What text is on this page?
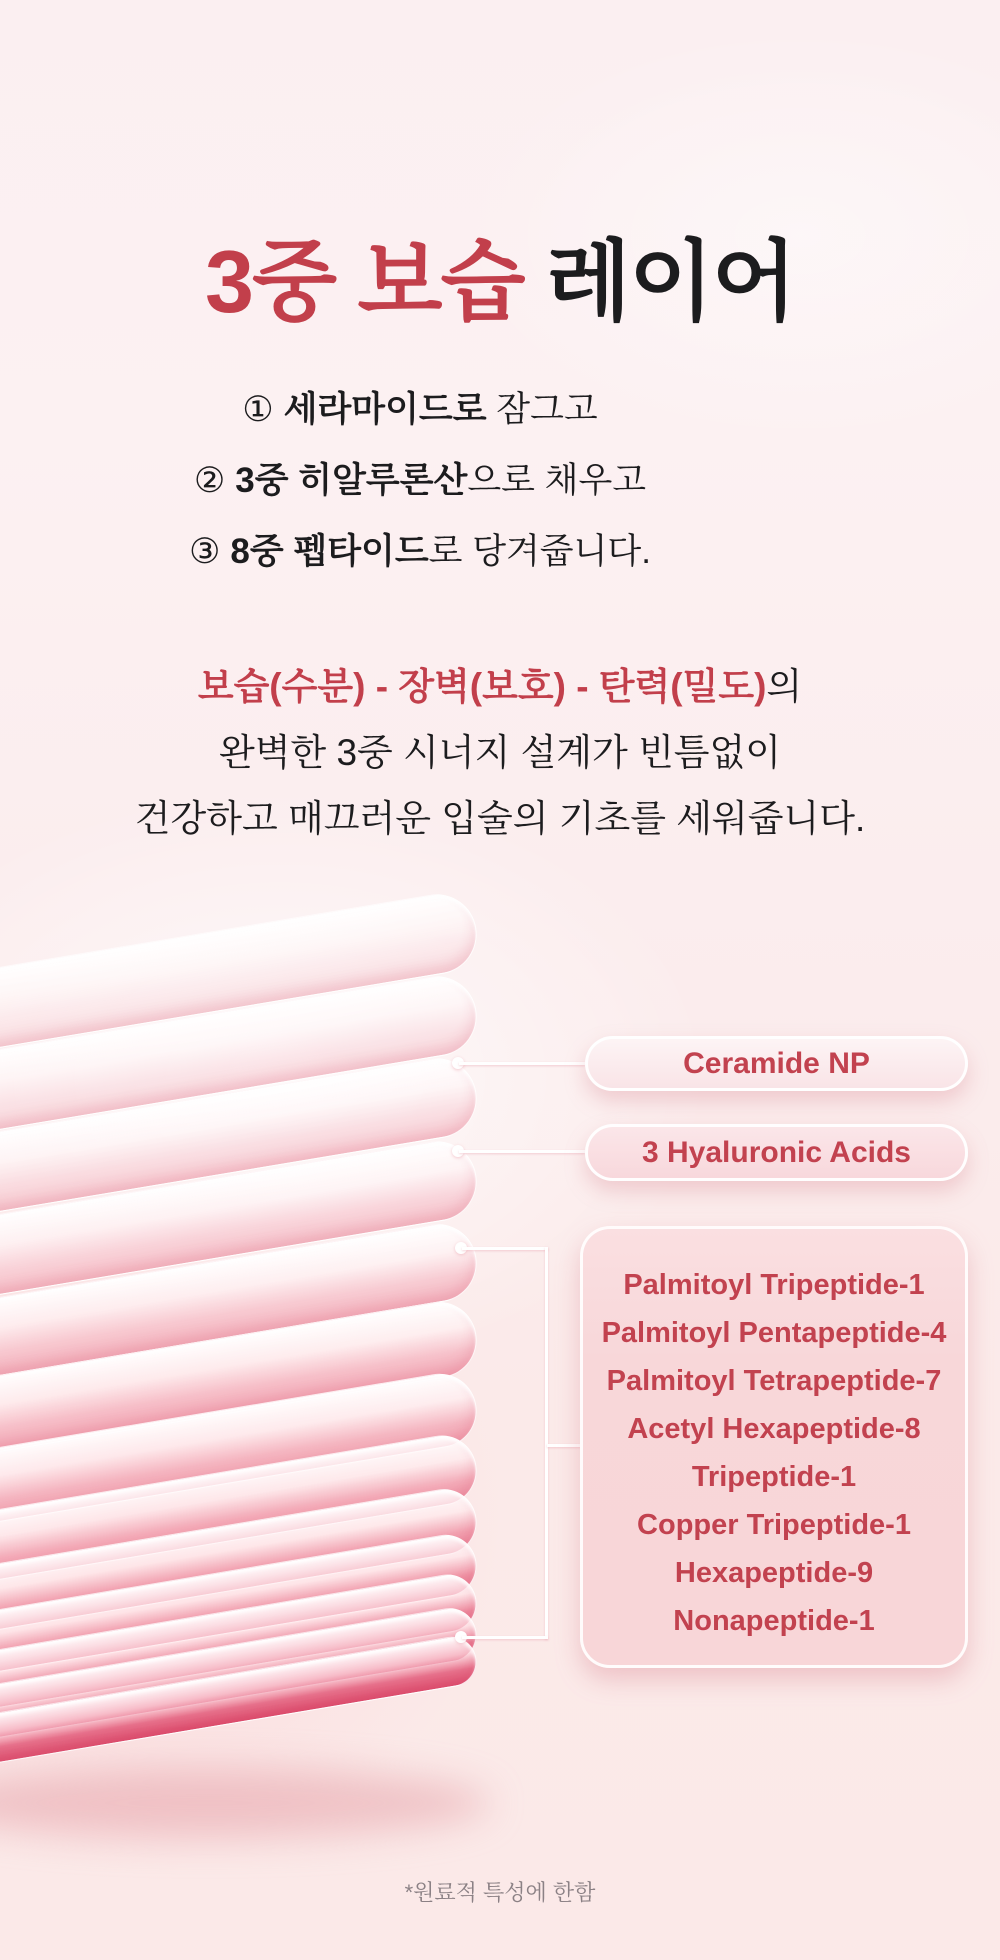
3중 보습 레이어
① 세라마이드로 잠그고
② 3중 히알루론산으로 채우고
③ 8중 펩타이드로 당겨줍니다.
보습(수분) - 장벽(보호) - 탄력(밀도)의
완벽한 3중 시너지 설계가 빈틈없이
건강하고 매끄러운 입술의 기초를 세워줍니다.
Ceramide NP
3 Hyaluronic Acids
Palmitoyl Tripeptide-1
Palmitoyl Pentapeptide-4
Palmitoyl Tetrapeptide-7
Acetyl Hexapeptide-8
Tripeptide-1
Copper Tripeptide-1
Hexapeptide-9
Nonapeptide-1
*원료적 특성에 한함
